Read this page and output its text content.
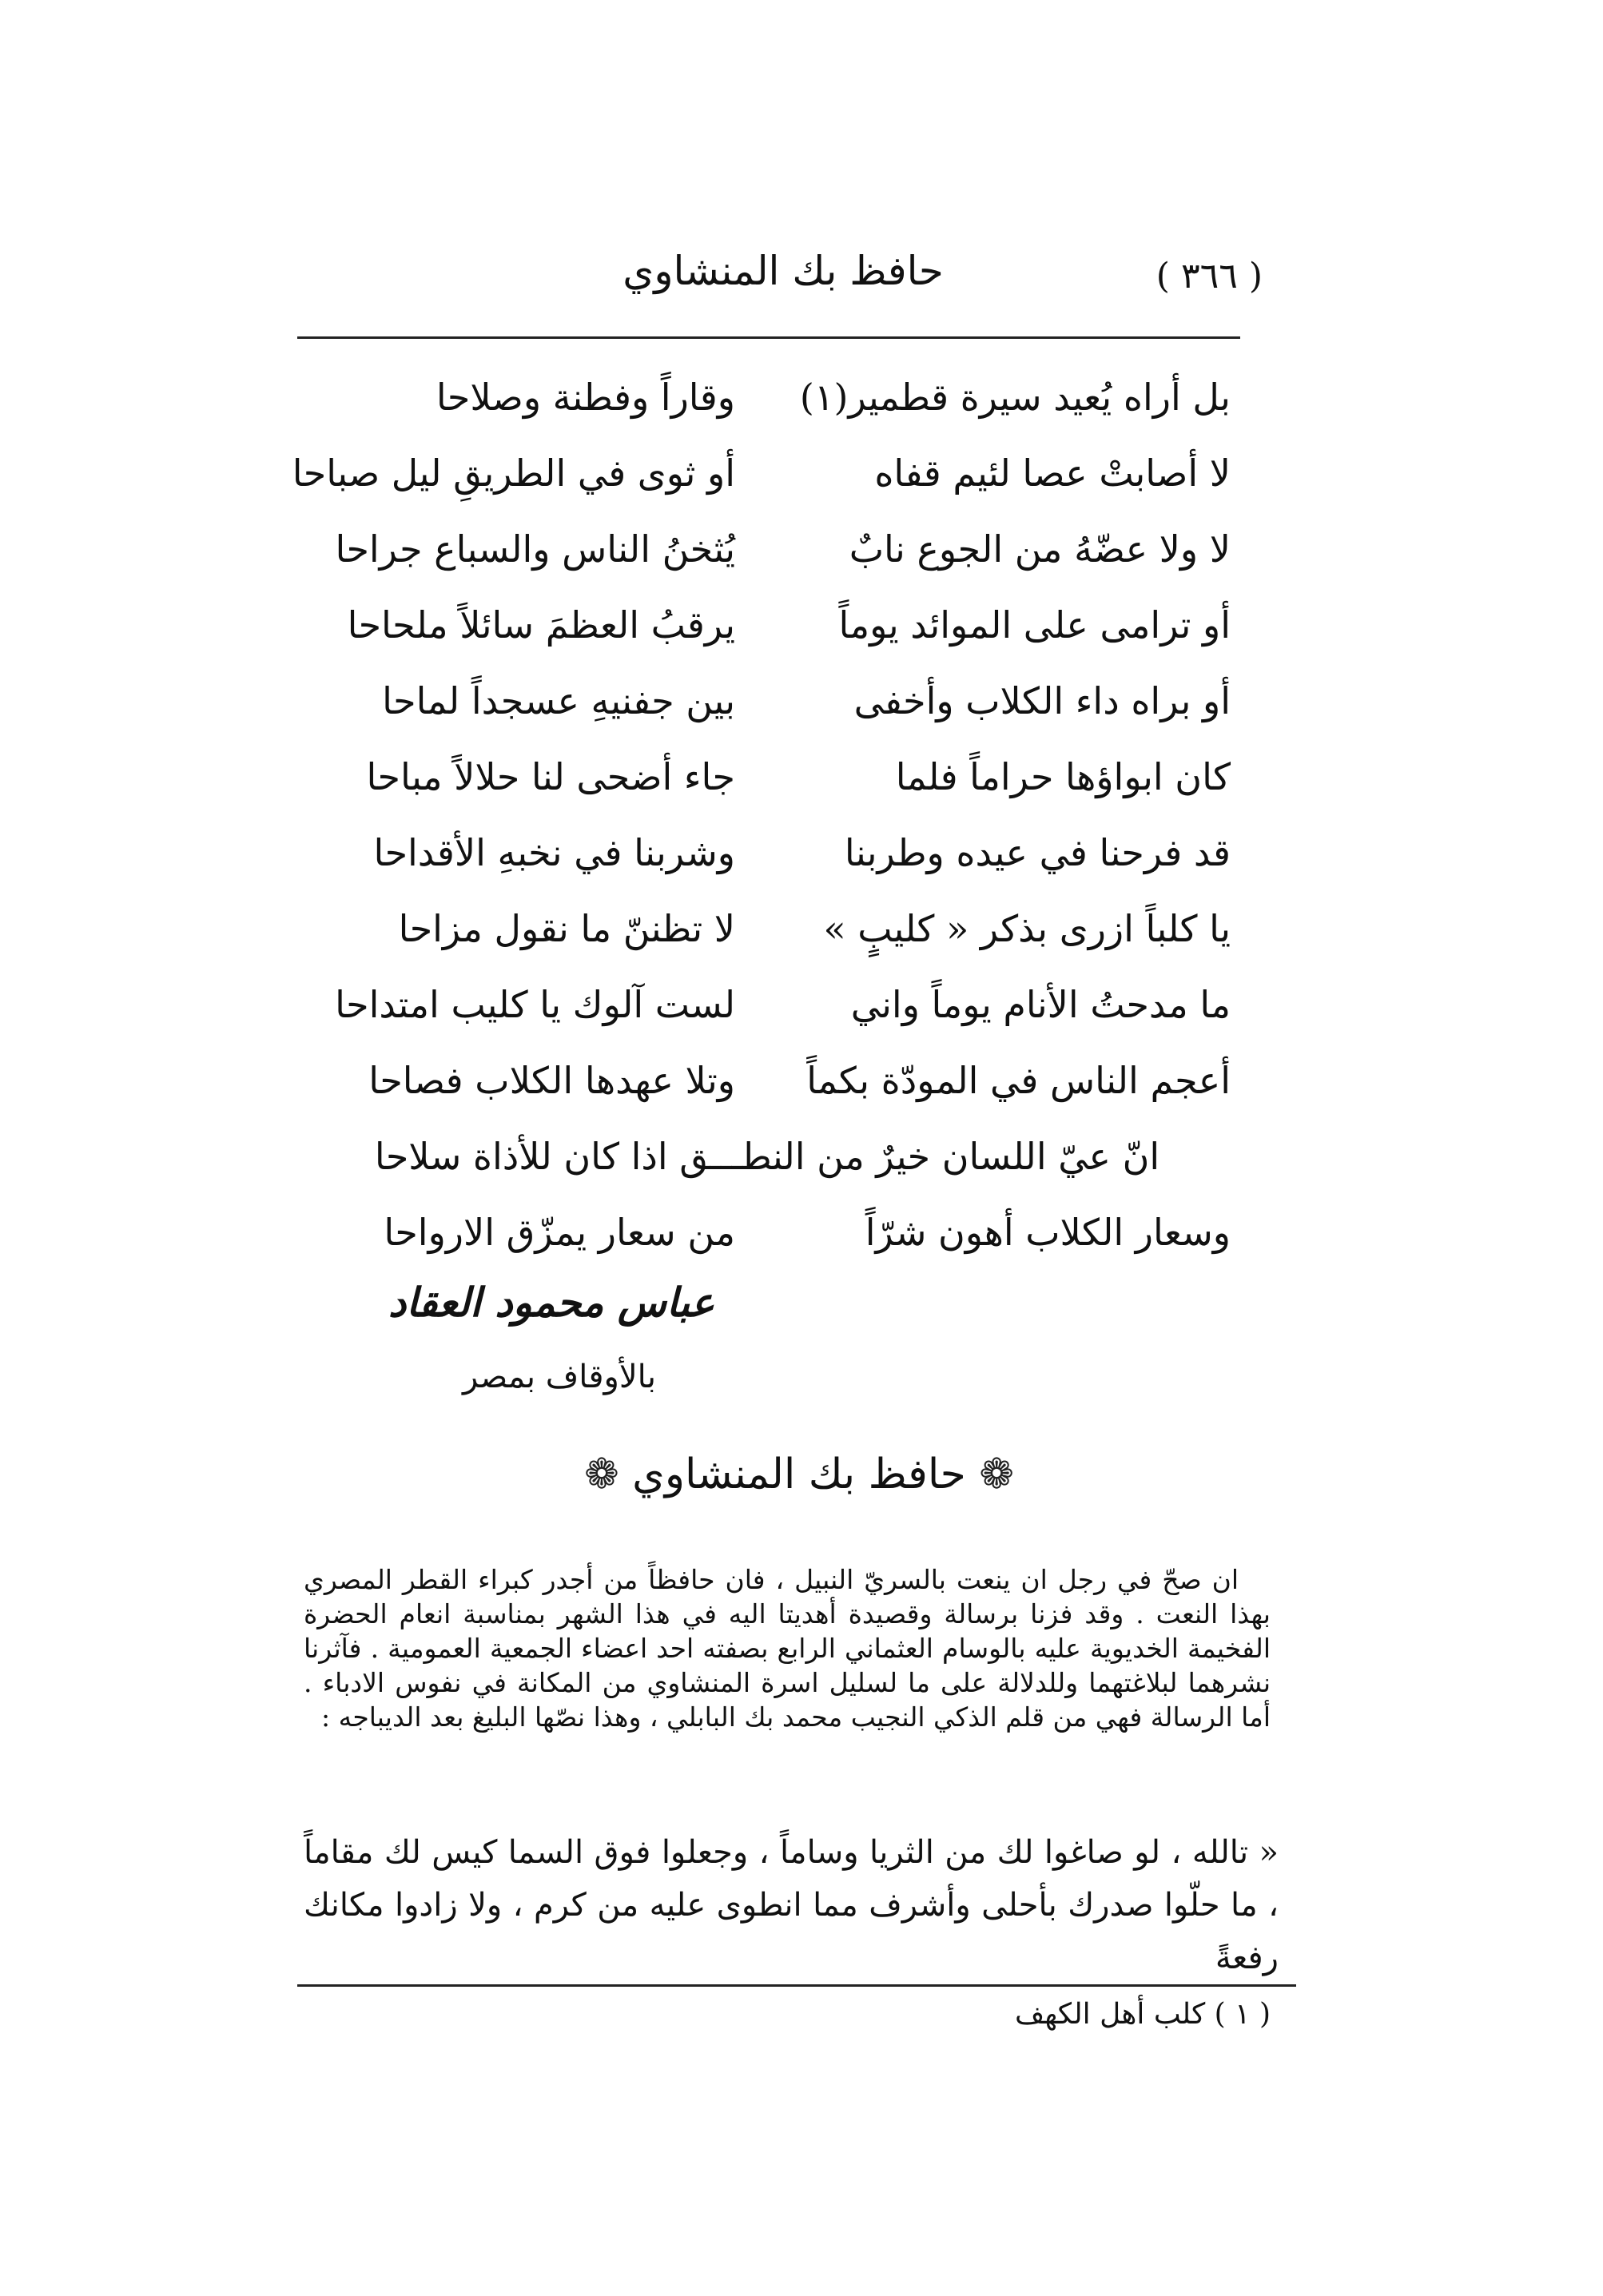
( ٣٦٦ )
حافظ بك المنشاوي
بل أراه يُعيد سيرة قطمير(١)
وقاراً وفطنة وصلاحا
لا أصابتْ عصا لئيم قفاه
أو ثوى في الطريقِ ليل صباحا
لا ولا عضّهُ من الجوع نابٌ
يُثخنُ الناس والسباع جراحا
أو ترامى على الموائد يوماً
يرقبُ العظمَ سائلاً ملحاحا
أو براه داء الكلاب وأخفى
بين جفنيهِ عسجداً لماحا
كان ابواؤها حراماً فلما
جاء أضحى لنا حلالاً مباحا
قد فرحنا في عيده وطربنا
وشربنا في نخبهِ الأقداحا
يا كلباً ازرى بذكر « كليبٍ »
لا تظننّ ما نقول مزاحا
ما مدحتُ الأنام يوماً واني
لست آلوك يا كليب امتداحا
أعجم الناس في المودّة بكماً
وتلا عهدها الكلاب فصاحا
انّ عيّ اللسان خيرٌ من النطـــق اذا كان للأذاة سلاحا
وسعار الكلاب أهون شرّاً
من سعار يمزّق الارواحا
عباس محمود العقاد
بالأوقاف بمصر
❁ حافظ بك المنشاوي ❁

ان صحّ في رجل ان ينعت بالسريّ النبيل ، فان حافظاً من أجدر كبراء القطر المصري بهذا النعت . وقد فزنا برسالة وقصيدة أهديتا اليه في هذا الشهر بمناسبة انعام الحضرة الفخيمة الخديوية عليه بالوسام العثماني الرابع بصفته احد اعضاء الجمعية العمومية . فآثرنا نشرهما لبلاغتهما وللدلالة على ما لسليل اسرة المنشاوي من المكانة في نفوس الادباء . أما الرسالة فهي من قلم الذكي النجيب محمد بك البابلي ، وهذا نصّها البليغ بعد الديباجه :

« تالله ، لو صاغوا لك من الثريا وساماً ، وجعلوا فوق السما كيس لك مقاماً ، ما حلّوا صدرك بأحلى وأشرف مما انطوى عليه من كرم ، ولا زادوا مكانك رفعةً

( ١ ) كلب أهل الكهف
